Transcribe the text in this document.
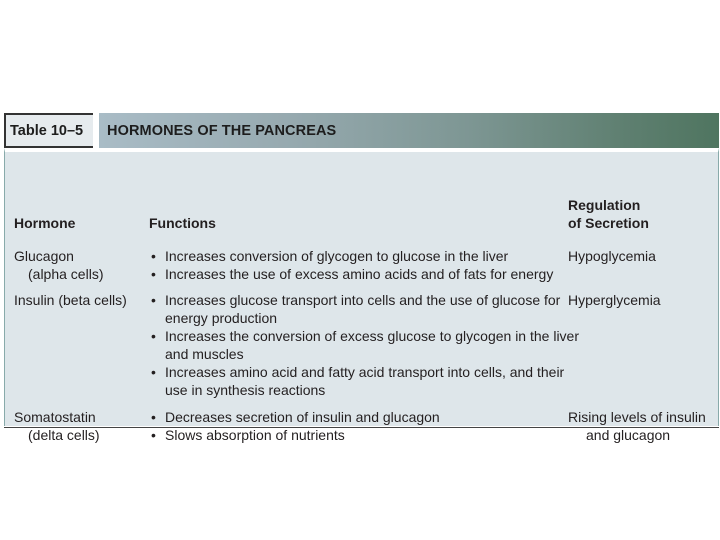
Table 10–5	HORMONES OF THE PANCREAS
Hormone	Functions
Regulation
of Secretion
Glucagon
(alpha cells)
• Increases conversion of glycogen to glucose in the liver
• Increases the use of excess amino acids and of fats for energy
Hypoglycemia
Insulin (beta cells) • Increases glucose transport into cells and the use of glucose for
energy production
• Increases the conversion of excess glucose to glycogen in the liver
and muscles
• Increases amino acid and fatty acid transport into cells, and their
use in synthesis reactions
Hyperglycemia
Somatostatin
(delta cells)
• Decreases secretion of insulin and glucagon
• Slows absorption of nutrients
Rising levels of insulin
and glucagon
